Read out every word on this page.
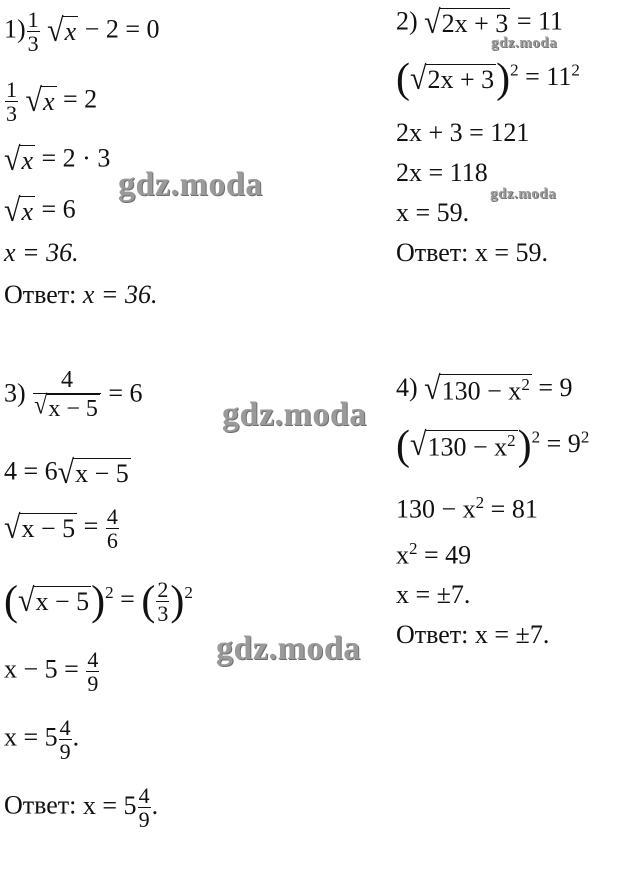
gdz.moda
gdz.moda
gdz.moda
gdz.moda
gdz.moda
$1) \frac{1}{3}$
√ x − 2 = 0
$\frac{1}{3}$
√ x = 2
√ x = 2 · 3
√ x = 6
x = 36.
Ответ: x = 36.
2) √ 2x + 3 = 11
( √ 2x + 3 )$^2 = 11^2$
2x + 3 = 121
2x = 118
x = 59.
Ответ: x = 59.
$3) \frac{4}{√ x - 5} = 6$
4 = 6 √ x − 5
√ $x - 5 = \frac{4}{6}$
( √ x − 5 )$^2$ = ( $\frac{2}{3} )^2$
$x - 5 = \frac{4}{9}$
$x = 5 \frac{4}{9}$ .
Ответ: $x = 5 \frac{4}{9}$ .
4) √ $130 - x^2 = 9$
( √ $130 - x^2$ )$^2 = 9^2$
$130 - x^2 = 81$
$x^2 = 49$
x = ±7.
Ответ: x = ±7.
